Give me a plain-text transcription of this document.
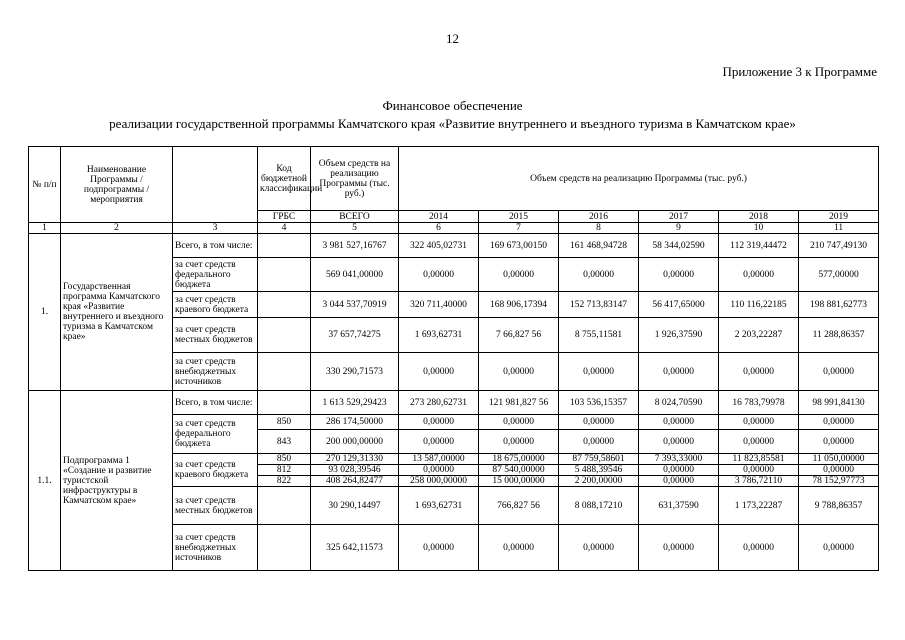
12
Приложение 3 к Программе
Финансовое обеспечение
реализации государственной программы Камчатского края «Развитие внутреннего и въездного туризма в Камчатском крае»
№ п/п	Наименование Программы / подпрограммы / мероприятия		Код бюджетной классификации	Объем средств на реализацию Программы (тыс. руб.)	Объем средств на реализацию Программы (тыс. руб.)					
			ГРБС	ВСЕГО	2014	2015	2016	2017	2018	2019
1	2	3	4	5	6	7	8	9	10	11
1.	Государственная программа Камчатского края «Развитие внутреннего и въездного туризма в Камчатском крае»	Всего, в том числе:		3 981 527,16767	322 405,02731	169 673,00150	161 468,94728	58 344,02590	112 319,44472	210 747,49130
		за счет средств федерального бюджета		569 041,00000	0,00000	0,00000	0,00000	0,00000	0,00000	577,00000
		за счет средств краевого бюджета		3 044 537,70919	320 711,40000	168 906,17394	152 713,83147	56 417,65000	110 116,22185	198 881,62773
		за счет средств местных бюджетов		37 657,74275	1 693,62731	7 66,827 56	8 755,11581	1 926,37590	2 203,22287	11 288,86357
		за счет средств внебюджетных источников		330 290,71573	0,00000	0,00000	0,00000	0,00000	0,00000	0,00000
1.1.	Подпрограмма 1 «Создание и развитие туристской инфраструктуры в Камчатском крае»	Всего, в том числе:		1 613 529,29423	273 280,62731	121 981,827 56	103 536,15357	8 024,70590	16 783,79978	98 991,84130
		за счет средств федерального бюджета	850	286 174,50000	0,00000	0,00000	0,00000	0,00000	0,00000	0,00000
			843	200 000,00000	0,00000	0,00000	0,00000	0,00000	0,00000	0,00000
		за счет средств краевого бюджета	850	270 129,31330	13 587,00000	18 675,00000	87 759,58601	7 393,33000	11 823,85581	11 050,00000
			812	93 028,39546	0,00000	87 540,00000	5 488,39546	0,00000	0,00000	0,00000
			822	408 264,82477	258 000,00000	15 000,00000	2 200,00000	0,00000	3 786,72110	78 152,97773
		за счет средств местных бюджетов		30 290,14497	1 693,62731	766,827 56	8 088,17210	631,37590	1 173,22287	9 788,86357
		за счет средств внебюджетных источников		325 642,11573	0,00000	0,00000	0,00000	0,00000	0,00000	0,00000
